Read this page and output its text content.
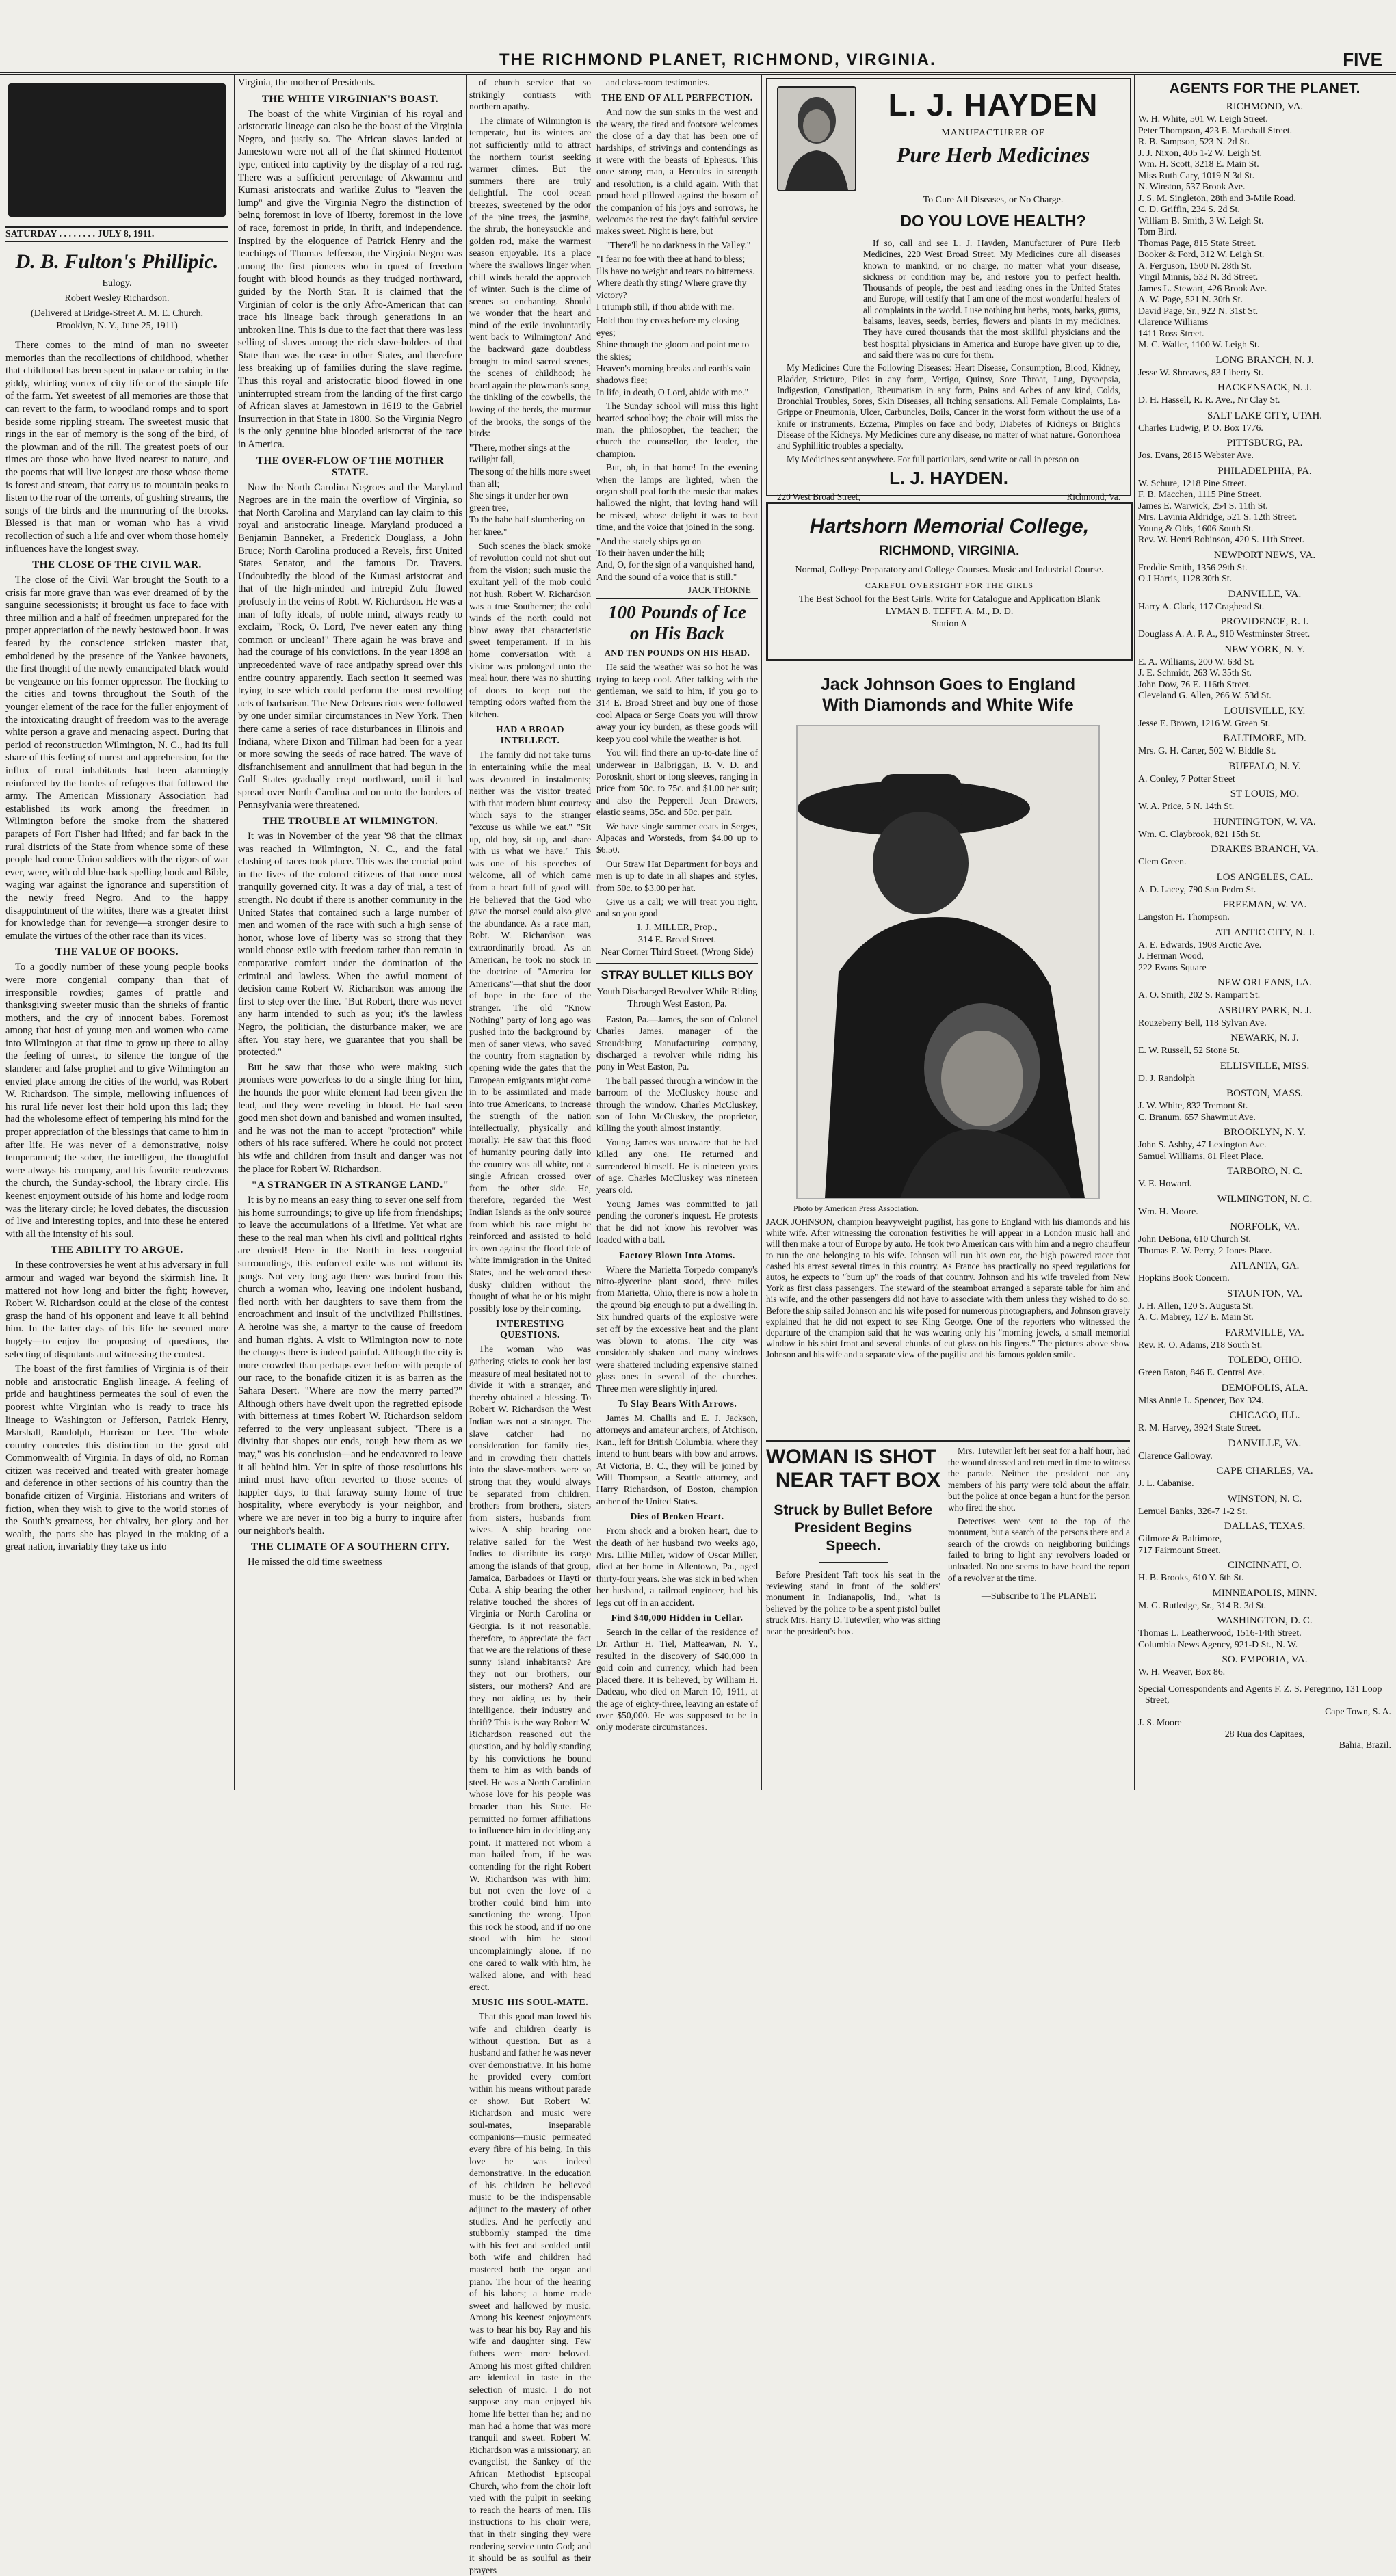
THE RICHMOND PLANET, RICHMOND, VIRGINIA.	FIVE
SATURDAY . . . . . . . . JULY 8, 1911.
D. B. Fulton's Phillipic.
Eulogy.
Robert Wesley Richardson.
(Delivered at Bridge-Street A. M. E. Church, Brooklyn, N. Y., June 25, 1911)

There comes to the mind of man no sweeter memories than the recollections of childhood, whether that childhood has been spent in palace or cabin; in the giddy, whirling vortex of city life or of the simple life of the farm. Yet sweetest of all memories are those that can revert to the farm, to woodland romps and to sport beside some rippling stream. The sweetest music that rings in the ear of memory is the song of the bird, of the plowman and of the rill. The greatest poets of our times are those who have lived nearest to nature, and the poems that will live longest are those whose theme is forest and stream, that carry us to mountain peaks to listen to the roar of the torrents, of gushing streams, the songs of the birds and the murmuring of the brooks. Blessed is that man or woman who has a vivid recollection of such a life and over whom those homely influences have the longest sway.

THE CLOSE OF THE CIVIL WAR.

The close of the Civil War brought the South to a crisis far more grave than was ever dreamed of by the sanguine secessionists; it brought us face to face with three million and a half of freedmen unprepared for the proper appreciation of the newly bestowed boon. It was feared by the conscience stricken master that, emboldened by the presence of the Yankee bayonets, the first thought of the newly emancipated black would be vengeance on his former oppressor. The flocking to the cities and towns throughout the South of the younger element of the race for the fuller enjoyment of the intoxicating draught of freedom was to the average white person a grave and menacing aspect. During that period of reconstruction Wilmington, N. C., had its full share of this feeling of unrest and apprehension, for the influx of rural inhabitants had been alarmingly reinforced by the hordes of refugees that followed the army. The American Missionary Association had established its work among the freedmen in Wilmington before the smoke from the shattered parapets of Fort Fisher had lifted; and far back in the rural districts of the State from whence some of these people had come Union soldiers with the rigors of war ever, were, with old blue-back spelling book and Bible, waging war against the ignorance and superstition of the newly freed Negro. And to the happy disappointment of the whites, there was a greater thirst for knowledge than for revenge—a stronger desire to emulate the virtues of the other race than its vices.

THE VALUE OF BOOKS.

To a goodly number of these young people books were more congenial company than that of irresponsible rowdies; games of prattle and thanksgiving sweeter music than the shrieks of frantic mothers, and the cry of innocent babes. Foremost among that host of young men and women who came into Wilmington at that time to grow up there to allay the feeling of unrest, to silence the tongue of the slanderer and false prophet and to give Wilmington an envied place among the cities of the world, was Robert W. Richardson. The simple, mellowing influences of his rural life never lost their hold upon this lad; they had the wholesome effect of tempering his mind for the proper appreciation of the blessings that came to him in after life. He was never of a demonstrative, noisy temperament; the sober, the intelligent, the thoughtful were always his company, and his favorite rendezvous the church, the Sunday-school, the library circle. His keenest enjoyment outside of his home and lodge room was the literary circle; he loved debates, the discussion of live and interesting topics, and into these he entered with all the intensity of his soul.

THE ABILITY TO ARGUE.

In these controversies he went at his adversary in full armour and waged war beyond the skirmish line. It mattered not how long and bitter the fight; however, Robert W. Richardson could at the close of the contest grasp the hand of his opponent and leave it all behind him. In the latter days of his life he seemed more hugely—to enjoy the proposing of questions, the selecting of disputants and witnessing the contest.

The boast of the first families of Virginia is of their noble and aristocratic English lineage. A feeling of pride and haughtiness permeates the soul of even the poorest white Virginian who is ready to trace his lineage to Washington or Jefferson, Patrick Henry, Marshall, Randolph, Harrison or Lee. The whole country concedes this distinction to the great old Commonwealth of Virginia. In days of old, no Roman citizen was received and treated with greater homage and deference in other sections of his country than the bonafide citizen of Virginia. Historians and writers of fiction, when they wish to give to the world stories of the South's greatness, her chivalry, her glory and her wealth, the parts she has played in the making of a great nation, invariably they take us into

Virginia, the mother of Presidents.

THE WHITE VIRGINIAN'S BOAST.

The boast of the white Virginian of his royal and aristocratic lineage can also be the boast of the Virginia Negro, and justly so. The African slaves landed at Jamestown were not all of the flat skinned Hottentot type, enticed into captivity by the display of a red rag. There was a sufficient percentage of Akwamnu and Kumasi aristocrats and warlike Zulus to "leaven the lump" and give the Virginia Negro the distinction of being foremost in love of liberty, foremost in the love of race, foremost in pride, in thrift, and independence. Inspired by the eloquence of Patrick Henry and the teachings of Thomas Jefferson, the Virginia Negro was among the first pioneers who in quest of freedom fought with blood hounds as they trudged northward, guided by the North Star. It is claimed that the Virginian of color is the only Afro-American that can trace his lineage back through generations in an unbroken line. This is due to the fact that there was less selling of slaves among the rich slave-holders of that State than was the case in other States, and therefore less breaking up of families during the slave regime. Thus this royal and aristocratic blood flowed in one uninterrupted stream from the landing of the first cargo of African slaves at Jamestown in 1619 to the Gabriel Insurrection in that State in 1800. So the Virginia Negro is the only genuine blue blooded aristocrat of the race in America.

THE OVER-FLOW OF THE MOTHER STATE.

Now the North Carolina Negroes and the Maryland Negroes are in the main the overflow of Virginia, so that North Carolina and Maryland can lay claim to this royal and aristocratic lineage. Maryland produced a Benjamin Banneker, a Frederick Douglass, a John Bruce; North Carolina produced a Revels, first United States Senator, and the famous Dr. Travers. Undoubtedly the blood of the Kumasi aristocrat and that of the high-minded and intrepid Zulu flowed profusely in the veins of Robt. W. Richardson. He was a man of lofty ideals, of noble mind, always ready to exclaim, "Rock, O. Lord, I've never eaten any thing common or unclean!" There again he was brave and had the courage of his convictions. In the year 1898 an unprecedented wave of race antipathy spread over this entire country apparently. Each section it seemed was trying to see which could perform the most revolting acts of barbarism. The New Orleans riots were followed by one under similar circumstances in New York. Then there came a series of race disturbances in Illinois and Indiana, where Dixon and Tillman had been for a year or more sowing the seeds of race hatred. The wave of disfranchisement and annullment that had begun in the Gulf States gradually crept northward, until it had spread over North Carolina and on unto the borders of Pennsylvania were threatened.

THE TROUBLE AT WILMINGTON.

It was in November of the year '98 that the climax was reached in Wilmington, N. C., and the fatal clashing of races took place. This was the crucial point in the lives of the colored citizens of that once most tranquilly governed city. It was a day of trial, a test of strength. No doubt if there is another community in the United States that contained such a large number of men and women of the race with such a high sense of honor, whose love of liberty was so strong that they would choose exile with freedom rather than remain in comparative comfort under the domination of the criminal and lawless. When the awful moment of decision came Robert W. Richardson was among the first to step over the line. "But Robert, there was never any harm intended to such as you; it's the lawless Negro, the politician, the disturbance maker, we are after. You stay here, we guarantee that you shall be protected."

But he saw that those who were making such promises were powerless to do a single thing for him, the hounds the poor white element had been given the lead, and they were reveling in blood. He had seen good men shot down and banished and women insulted, and he was not the man to accept "protection" while others of his race suffered. Where he could not protect his wife and children from insult and danger was not the place for Robert W. Richardson.

"A STRANGER IN A STRANGE LAND."

It is by no means an easy thing to sever one self from his home surroundings; to give up life from friendships; to leave the accumulations of a lifetime. Yet what are these to the real man when his civil and political rights are denied! Here in the North in less congenial surroundings, this enforced exile was not without its pangs. Not very long ago there was buried from this church a woman who, leaving one indolent husband, fled north with her daughters to save them from the encroachment and insult of the uncivilized Philistines. A heroine was she, a martyr to the cause of freedom and human rights. A visit to Wilmington now to note the changes there is indeed painful. Although the city is more crowded than perhaps ever before with people of our race, to the bonafide citizen it is as barren as the Sahara Desert. "Where are now the merry parted?" Although others have dwelt upon the regretted episode with bitterness at times Robert W. Richardson seldom referred to the very unpleasant subject. "There is a divinity that shapes our ends, rough hew them as we may," was his conclusion—and he endeavored to leave it all behind him. Yet in spite of those resolutions his mind must have often reverted to those scenes of happier days, to that faraway sunny home of true hospitality, where everybody is your neighbor, and where we are never in too big a hurry to inquire after our neighbor's health.

THE CLIMATE OF A SOUTHERN CITY.

He missed the old time sweetness

of church service that so strikingly contrasts with northern apathy.

The climate of Wilmington is temperate, but its winters are not sufficiently mild to attract the northern tourist seeking warmer climes. But the summers there are truly delightful. The cool ocean breezes, sweetened by the odor of the pine trees, the jasmine, the shrub, the honeysuckle and golden rod, make the warmest season enjoyable. It's a place where the swallows linger when chill winds herald the approach of winter. Such is the clime of scenes so enchanting. Should we wonder that the heart and mind of the exile involuntarily went back to Wilmington? And the backward gaze doubtless brought to mind sacred scenes, the scenes of childhood; he heard again the plowman's song, the tinkling of the cowbells, the lowing of the herds, the murmur of the brooks, the songs of the birds:

"There, mother sings at the twilight fall,
The song of the hills more sweet than all;
She sings it under her own green tree,
To the babe half slumbering on her knee."

Such scenes the black smoke of revolution could not shut out from the vision; such music the exultant yell of the mob could not hush. Robert W. Richardson was a true Southerner; the cold winds of the north could not blow away that characteristic sweet temperament. If in his home conversation with a visitor was prolonged unto the meal hour, there was no shutting of doors to keep out the tempting odors wafted from the kitchen.

HAD A BROAD INTELLECT.

The family did not take turns in entertaining while the meal was devoured in instalments; neither was the visitor treated with that modern blunt courtesy which says to the stranger "excuse us while we eat." "Sit up, old boy, sit up, and share with us what we have." This was one of his speeches of welcome, all of which came from a heart full of good will. He believed that the God who gave the morsel could also give the abundance. As a race man, Robt. W. Richardson was extraordinarily broad. As an American, he took no stock in the doctrine of "America for Americans"—that shut the door of hope in the face of the stranger. The old "Know Nothing" party of long ago was pushed into the background by men of saner views, who saved the country from stagnation by opening wide the gates that the European emigrants might come in to be assimilated and made into true Americans, to increase the strength of the nation intellectually, physically and morally. He saw that this flood of humanity pouring daily into the country was all white, not a single African crossed over from the other side. He, therefore, regarded the West Indian Islands as the only source from which his race might be reinforced and assisted to hold its own against the flood tide of white immigration in the United States, and he welcomed these dusky children without the thought of what he or his might possibly lose by their coming.

INTERESTING QUESTIONS.

The woman who was gathering sticks to cook her last measure of meal hesitated not to divide it with a stranger, and thereby obtained a blessing. To Robert W. Richardson the West Indian was not a stranger. The slave catcher had no consideration for family ties, and in crowding their chattels into the slave-mothers were so strong that they would always be separated from children, brothers from brothers, sisters from sisters, husbands from wives. A ship bearing one relative sailed for the West Indies to distribute its cargo among the islands of that group, Jamaica, Barbadoes or Hayti or Cuba. A ship bearing the other relative touched the shores of Virginia or North Carolina or Georgia. Is it not reasonable, therefore, to appreciate the fact that we are the relations of these sunny island inhabitants? Are they not our brothers, our sisters, our mothers? And are they not aiding us by their intelligence, their industry and thrift? This is the way Robert W. Richardson reasoned out the question, and by boldly standing by his convictions he bound them to him as with bands of steel. He was a North Carolinian whose love for his people was broader than his State. He permitted no former affiliations to influence him in deciding any point. It mattered not whom a man hailed from, if he was contending for the right Robert W. Richardson was with him; but not even the love of a brother could bind him into sanctioning the wrong. Upon this rock he stood, and if no one stood with him he stood uncomplainingly alone. If no one cared to walk with him, he walked alone, and with head erect.

MUSIC HIS SOUL-MATE.

That this good man loved his wife and children dearly is without question. But as a husband and father he was never over demonstrative. In his home he provided every comfort within his means without parade or show. But Robert W. Richardson and music were soul-mates, inseparable companions—music permeated every fibre of his being. In this love he was indeed demonstrative. In the education of his children he believed music to be the indispensable adjunct to the mastery of other studies. And he perfectly and stubbornly stamped the time with his feet and scolded until both wife and children had mastered both the organ and piano. The hour of the hearing of his labors; a home made sweet and hallowed by music. Among his keenest enjoyments was to hear his boy Ray and his wife and daughter sing. Few fathers were more beloved. Among his most gifted children are identical in taste in the selection of music. I do not suppose any man enjoyed his home life better than he; and no man had a home that was more tranquil and sweet. Robert W. Richardson was a missionary, an evangelist, the Sankey of the African Methodist Episcopal Church, who from the choir loft vied with the pulpit in seeking to reach the hearts of men. His instructions to his choir were, that in their singing they were rendering service unto God; and it should be as soulful as their prayers

and class-room testimonies.

THE END OF ALL PERFECTION.

And now the sun sinks in the west and the weary, the tired and footsore welcomes the close of a day that has been one of hardships, of strivings and contendings as it were with the beasts of Ephesus. This once strong man, a Hercules in strength and resolution, is a child again. With that proud head pillowed against the bosom of the companion of his joys and sorrows, he welcomes the rest the day's faithful service makes sweet. Night is here, but

"There'll be no darkness in the Valley."

"I fear no foe with thee at hand to bless;
Ills have no weight and tears no bitterness.
Where death thy sting? Where grave thy victory?
I triumph still, if thou abide with me.

Hold thou thy cross before my closing eyes;
Shine through the gloom and point me to the skies;
Heaven's morning breaks and earth's vain shadows flee;
In life, in death, O Lord, abide with me."

The Sunday school will miss this light hearted schoolboy; the choir will miss the man, the philosopher, the teacher; the church the counsellor, the leader, the champion.

But, oh, in that home! In the evening when the lamps are lighted, when the organ shall peal forth the music that makes hallowed the night, that loving hand will be missed, whose delight it was to beat time, and the voice that joined in the song.

"And the stately ships go on
To their haven under the hill;
And, O, for the sign of a vanquished hand,
And the sound of a voice that is still."

JACK THORNE
100 Pounds of Ice on His Back
AND TEN POUNDS ON HIS HEAD.

He said the weather was so hot he was trying to keep cool. After talking with the gentleman, we said to him, if you go to 314 E. Broad Street and buy one of those cool Alpaca or Serge Coats you will throw away your icy burden, as these goods will keep you cool while the weather is hot.

You will find there an up-to-date line of underwear in Balbriggan, B. V. D. and Porosknit, short or long sleeves, ranging in price from 50c. to 75c. and $1.00 per suit; and also the Pepperell Jean Drawers, elastic seams, 35c. and 50c. per pair.

We have single summer coats in Serges, Alpacas and Worsteds, from $4.00 up to $6.50.

Our Straw Hat Department for boys and men is up to date in all shapes and styles, from 50c. to $3.00 per hat.

Give us a call; we will treat you right, and so you good

I. J. MILLER, Prop.,
314 E. Broad Street.
Near Corner Third Street. (Wrong Side)
STRAY BULLET KILLS BOY
Youth Discharged Revolver While Riding Through West Easton, Pa.

Easton, Pa.—James, the son of Colonel Charles James, manager of the Stroudsburg Manufacturing company, discharged a revolver while riding his pony in West Easton, Pa.

The ball passed through a window in the barroom of the McCluskey house and through the window. Charles McCluskey, son of John McCluskey, the proprietor, killing the youth almost instantly.

Young James was unaware that he had killed any one. He returned and surrendered himself. He is nineteen years of age. Charles McCluskey was nineteen years old.

Young James was committed to jail pending the coroner's inquest. He protests that he did not know his revolver was loaded with a ball.

Factory Blown Into Atoms.

Where the Marietta Torpedo company's nitro-glycerine plant stood, three miles from Marietta, Ohio, there is now a hole in the ground big enough to put a dwelling in. Six hundred quarts of the explosive were set off by the excessive heat and the plant was blown to atoms. The city was considerably shaken and many windows were shattered including expensive stained glass ones in several of the churches. Three men were slightly injured.

To Slay Bears With Arrows.

James M. Challis and E. J. Jackson, attorneys and amateur archers, of Atchison, Kan., left for British Columbia, where they intend to hunt bears with bow and arrows. At Victoria, B. C., they will be joined by Will Thompson, a Seattle attorney, and Harry Richardson, of Boston, champion archer of the United States.

Dies of Broken Heart.

From shock and a broken heart, due to the death of her husband two weeks ago, Mrs. Lillie Miller, widow of Oscar Miller, died at her home in Allentown, Pa., aged thirty-four years. She was sick in bed when her husband, a railroad engineer, had his legs cut off in an accident.

Find $40,000 Hidden in Cellar.

Search in the cellar of the residence of Dr. Arthur H. Tiel, Matteawan, N. Y., resulted in the discovery of $40,000 in gold coin and currency, which had been placed there. It is believed, by William H. Dadeau, who died on March 10, 1911, at the age of eighty-three, leaving an estate of over $50,000. He was supposed to be in only moderate circumstances.

L. J. HAYDEN
MANUFACTURER OF
Pure Herb Medicines
To Cure All Diseases, or No Charge.
DO YOU LOVE HEALTH?

If so, call and see L. J. Hayden, Manufacturer of Pure Herb Medicines, 220 West Broad Street. My Medicines cure all diseases known to mankind, or no charge, no matter what your disease, sickness or condition may be, and restore you to perfect health. Thousands of people, the best and leading ones in the United States and Europe, will testify that I am one of the most wonderful healers of all complaints in the world. I use nothing but herbs, roots, barks, gums, balsams, leaves, seeds, berries, flowers and plants in my medicines. They have cured thousands that the most skillful physicians and the best hospital physicians in America and Europe have given up to die, and said there was no cure for them.

My Medicines Cure the Following Diseases: Heart Disease, Consumption, Blood, Kidney, Bladder, Stricture, Piles in any form, Vertigo, Quinsy, Sore Throat, Lung, Dyspepsia, Indigestion, Constipation, Rheumatism in any form, Pains and Aches of any kind, Colds, Bronchial Troubles, Sores, Skin Diseases, all Itching sensations. All Female Complaints, La-Grippe or Pneumonia, Ulcer, Carbuncles, Boils, Cancer in the worst form without the use of a knife or instruments, Eczema, Pimples on face and body, Diabetes of Kidneys or Bright's Disease of the Kidneys. My Medicines cure any disease, no matter of what nature. Gonorrhoea and Syphillitic troubles a specialty.

My Medicines sent anywhere. For full particulars, send write or call in person on

L. J. HAYDEN.
220 West Broad Street,	Richmond, Va.
Hartshorn Memorial College,
RICHMOND, VIRGINIA.
Normal, College Preparatory and College Courses. Music and Industrial Course.
CAREFUL OVERSIGHT FOR THE GIRLS
The Best School for the Best Girls. Write for Catalogue and Application Blank
LYMAN B. TEFFT, A. M., D. D.
Station A
Jack Johnson Goes to England
With Diamonds and White Wife
Photo by American Press Association.

JACK JOHNSON, champion heavyweight pugilist, has gone to England with his diamonds and his white wife. After witnessing the coronation festivities he will appear in a London music hall and will then make a tour of Europe by auto. He took two American cars with him and a negro chauffeur to run the one belonging to his wife. Johnson will run his own car, the high powered racer that cashed his arrest several times in this country. As France has practically no speed regulations for autos, he expects to "burn up" the roads of that country. Johnson and his wife traveled from New York as first class passengers. The steward of the steamboat arranged a separate table for him and his wife, and the other passengers did not have to associate with them unless they wished to do so. Before the ship sailed Johnson and his wife posed for numerous photographers, and Johnson gravely explained that he did not expect to see King George. One of the reporters who witnessed the departure of the champion said that he was wearing only his "morning jewels, a small memorial window in his shirt front and several chunks of cut glass on his fingers." The pictures above show Johnson and his wife and a separate view of the pugilist and his famous golden smile.

WOMAN IS SHOT
NEAR TAFT BOX
Struck by Bullet Before President Begins Speech.

Before President Taft took his seat in the reviewing stand in front of the soldiers' monument in Indianapolis, Ind., what is believed by the police to be a spent pistol bullet struck Mrs. Harry D. Tutewiler, who was sitting near the president's box.

Mrs. Tutewiler left her seat for a half hour, had the wound dressed and returned in time to witness the parade. Neither the president nor any members of his party were told about the affair, but the police at once began a hunt for the person who fired the shot.

Detectives were sent to the top of the monument, but a search of the persons there and a search of the crowds on neighboring buildings failed to bring to light any revolvers loaded or unloaded. No one seems to have heard the report of a revolver at the time.

—Subscribe to The PLANET.
AGENTS FOR THE PLANET.
RICHMOND, VA.

W. H. White, 501 W. Leigh Street.

Peter Thompson, 423 E. Marshall Street.

R. B. Sampson, 523 N. 2d St.

J. J. Nixon, 405 1-2 W. Leigh St.

Wm. H. Scott, 3218 E. Main St.

Miss Ruth Cary, 1019 N 3d St.

N. Winston, 537 Brook Ave.

J. S. M. Singleton, 28th and 3-Mile Road.

C. D. Griffin, 234 S. 2d St.

William B. Smith, 3 W. Leigh St.

Tom Bird.

Thomas Page, 815 State Street.

Booker & Ford, 312 W. Leigh St.

A. Ferguson, 1500 N. 28th St.

Virgil Minnis, 532 N. 3d Street.

James L. Stewart, 426 Brook Ave.

A. W. Page, 521 N. 30th St.

David Page, Sr., 922 N. 31st St.

Clarence Williams

1411 Ross Street.

M. C. Waller, 1100 W. Leigh St.

LONG BRANCH, N. J.

Jesse W. Shreaves, 83 Liberty St.

HACKENSACK, N. J.

D. H. Hassell, R. R. Ave., Nr Clay St.

SALT LAKE CITY, UTAH.

Charles Ludwig, P. O. Box 1776.

PITTSBURG, PA.

Jos. Evans, 2815 Webster Ave.

PHILADELPHIA, PA.

W. Schure, 1218 Pine Street.

F. B. Macchen, 1115 Pine Street.

James E. Warwick, 254 S. 11th St.

Mrs. Lavinia Aldridge, 521 S. 12th Street.

Young & Olds, 1606 South St.

Rev. W. Henri Robinson, 420 S. 11th Street.

NEWPORT NEWS, VA.

Freddie Smith, 1356 29th St.

O J Harris, 1128 30th St.

DANVILLE, VA.

Harry A. Clark, 117 Craghead St.

PROVIDENCE, R. I.

Douglass A. A. P. A., 910 Westminster Street.

NEW YORK, N. Y.

E. A. Williams, 200 W. 63d St.

J. E. Schmidt, 263 W. 35th St.

John Dow, 76 E. 116th Street.

Cleveland G. Allen, 266 W. 53d St.

LOUISVILLE, KY.

Jesse E. Brown, 1216 W. Green St.

BALTIMORE, MD.

Mrs. G. H. Carter, 502 W. Biddle St.

BUFFALO, N. Y.

A. Conley, 7 Potter Street

ST LOUIS, MO.

W. A. Price, 5 N. 14th St.

HUNTINGTON, W. VA.

Wm. C. Claybrook, 821 15th St.

DRAKES BRANCH, VA.

Clem Green.

LOS ANGELES, CAL.

A. D. Lacey, 790 San Pedro St.

FREEMAN, W. VA.

Langston H. Thompson.

ATLANTIC CITY, N. J.

A. E. Edwards, 1908 Arctic Ave.

J. Herman Wood,

222 Evans Square

NEW ORLEANS, LA.

A. O. Smith, 202 S. Rampart St.

ASBURY PARK, N. J.

Rouzeberry Bell, 118 Sylvan Ave.

NEWARK, N. J.

E. W. Russell, 52 Stone St.

ELLISVILLE, MISS.

D. J. Randolph

BOSTON, MASS.

J. W. White, 832 Tremont St.

C. Branum, 657 Shawmut Ave.

BROOKLYN, N. Y.

John S. Ashby, 47 Lexington Ave.

Samuel Williams, 81 Fleet Place.

TARBORO, N. C.

V. E. Howard.

WILMINGTON, N. C.

Wm. H. Moore.

NORFOLK, VA.

John DeBona, 610 Church St.

Thomas E. W. Perry, 2 Jones Place.

ATLANTA, GA.

Hopkins Book Concern.

STAUNTON, VA.

J. H. Allen, 120 S. Augusta St.

A. C. Mabrey, 127 E. Main St.

FARMVILLE, VA.

Rev. R. O. Adams, 218 South St.

TOLEDO, OHIO.

Green Eaton, 846 E. Central Ave.

DEMOPOLIS, ALA.

Miss Annie L. Spencer, Box 324.

CHICAGO, ILL.

R. M. Harvey, 3924 State Street.

DANVILLE, VA.

Clarence Galloway.

CAPE CHARLES, VA.

J. L. Cabanise.

WINSTON, N. C.

Lemuel Banks, 326-7 1-2 St.

DALLAS, TEXAS.

Gilmore & Baltimore,

717 Fairmount Street.

CINCINNATI, O.

H. B. Brooks, 610 Y. 6th St.

MINNEAPOLIS, MINN.

M. G. Rutledge, Sr., 314 R. 3d St.

WASHINGTON, D. C.

Thomas L. Leatherwood, 1516-14th Street.

Columbia News Agency, 921-D St., N. W.

SO. EMPORIA, VA.

W. H. Weaver, Box 86.

Special Correspondents and Agents F. Z. S. Peregrino, 131 Loop Street,

Cape Town, S. A.

J. S. Moore

28 Rua dos Capitaes,

Bahia, Brazil.
